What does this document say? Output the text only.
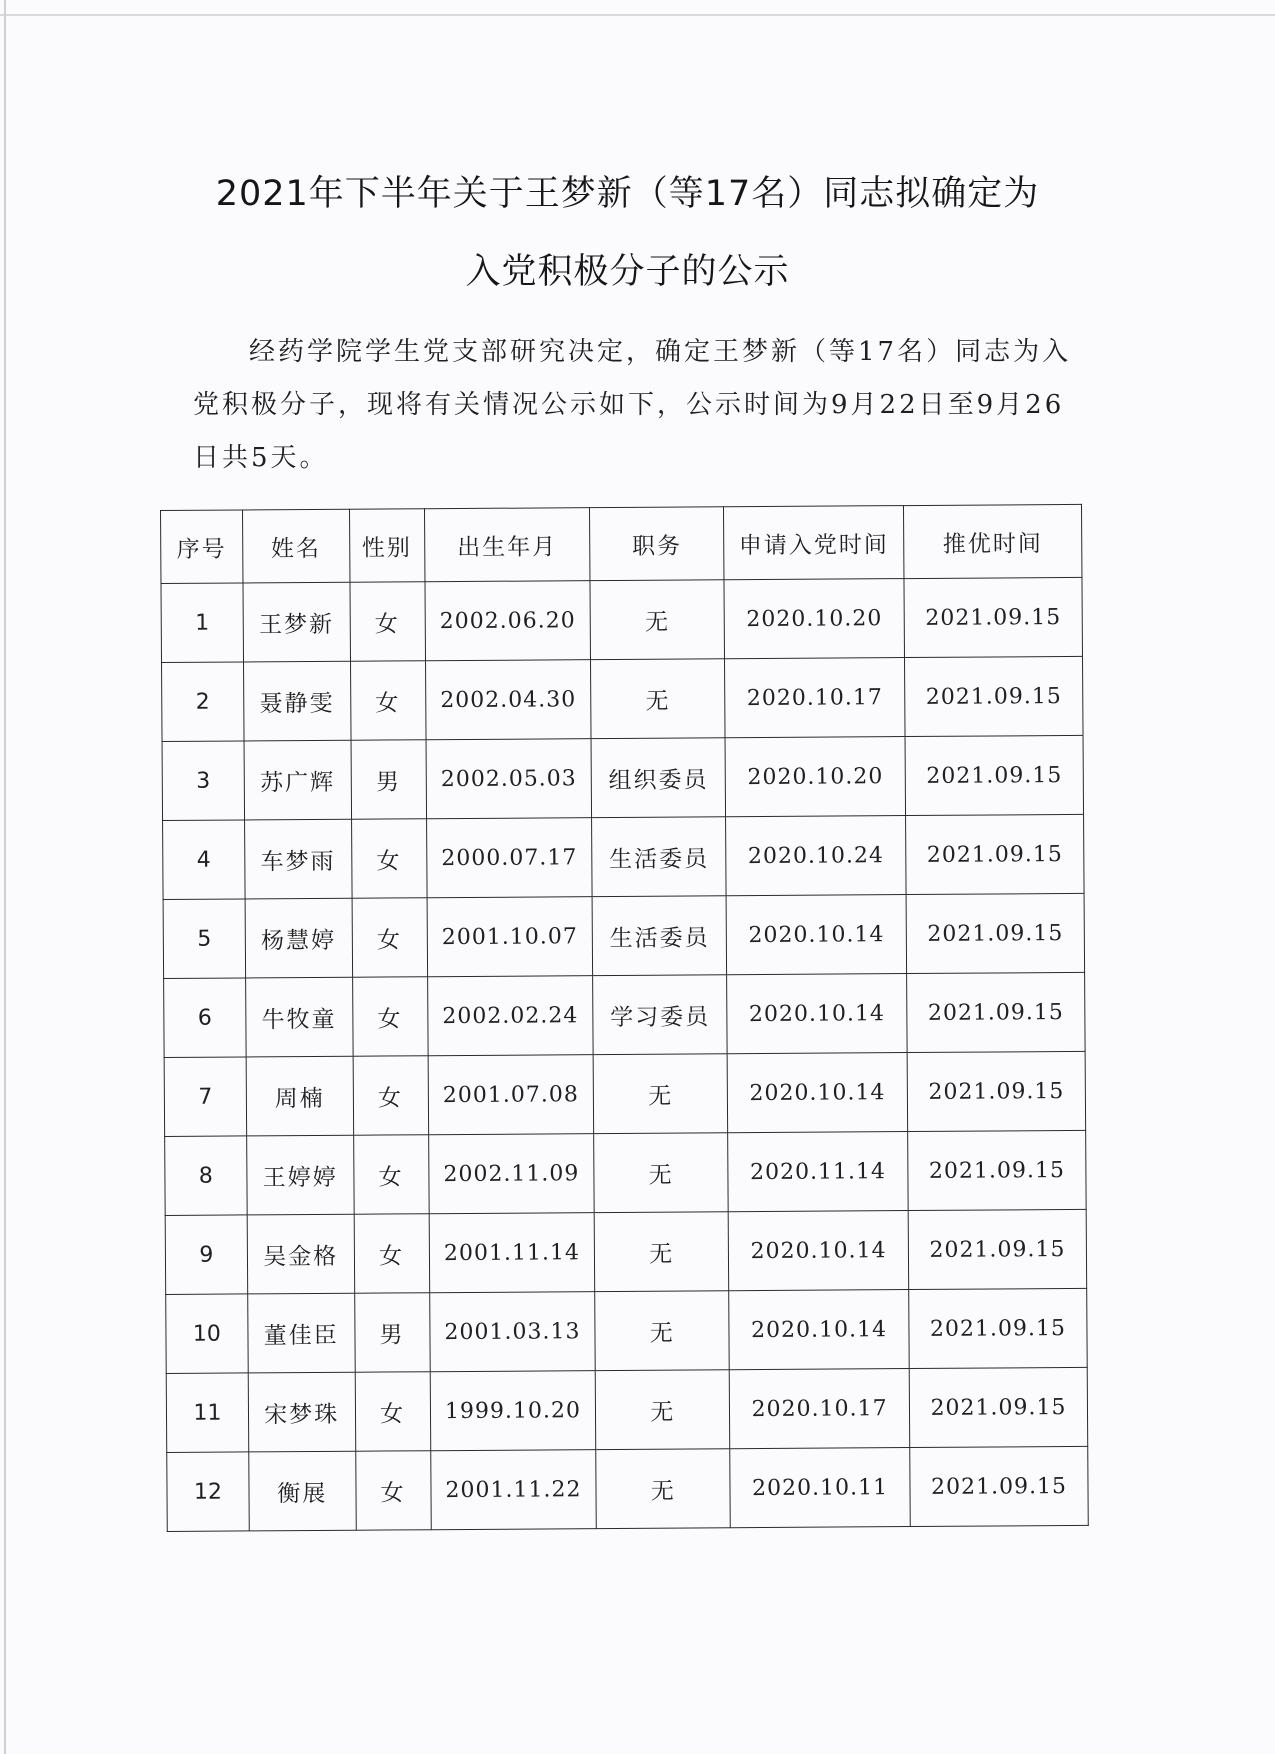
2021年下半年关于王梦新（等17名）同志拟确定为
入党积极分子的公示

经药学院学生党支部研究决定，确定王梦新（等17名）同志为入党积极分子，现将有关情况公示如下，公示时间为9月22日至9月26日共5天。

序号	姓名	性别	出生年月	职务	申请入党时间	推优时间
1	王梦新	女	2002.06.20	无	2020.10.20	2021.09.15
2	聂静雯	女	2002.04.30	无	2020.10.17	2021.09.15
3	苏广辉	男	2002.05.03	组织委员	2020.10.20	2021.09.15
4	车梦雨	女	2000.07.17	生活委员	2020.10.24	2021.09.15
5	杨慧婷	女	2001.10.07	生活委员	2020.10.14	2021.09.15
6	牛牧童	女	2002.02.24	学习委员	2020.10.14	2021.09.15
7	周楠	女	2001.07.08	无	2020.10.14	2021.09.15
8	王婷婷	女	2002.11.09	无	2020.11.14	2021.09.15
9	吴金格	女	2001.11.14	无	2020.10.14	2021.09.15
10	董佳臣	男	2001.03.13	无	2020.10.14	2021.09.15
11	宋梦珠	女	1999.10.20	无	2020.10.17	2021.09.15
12	衡展	女	2001.11.22	无	2020.10.11	2021.09.15
